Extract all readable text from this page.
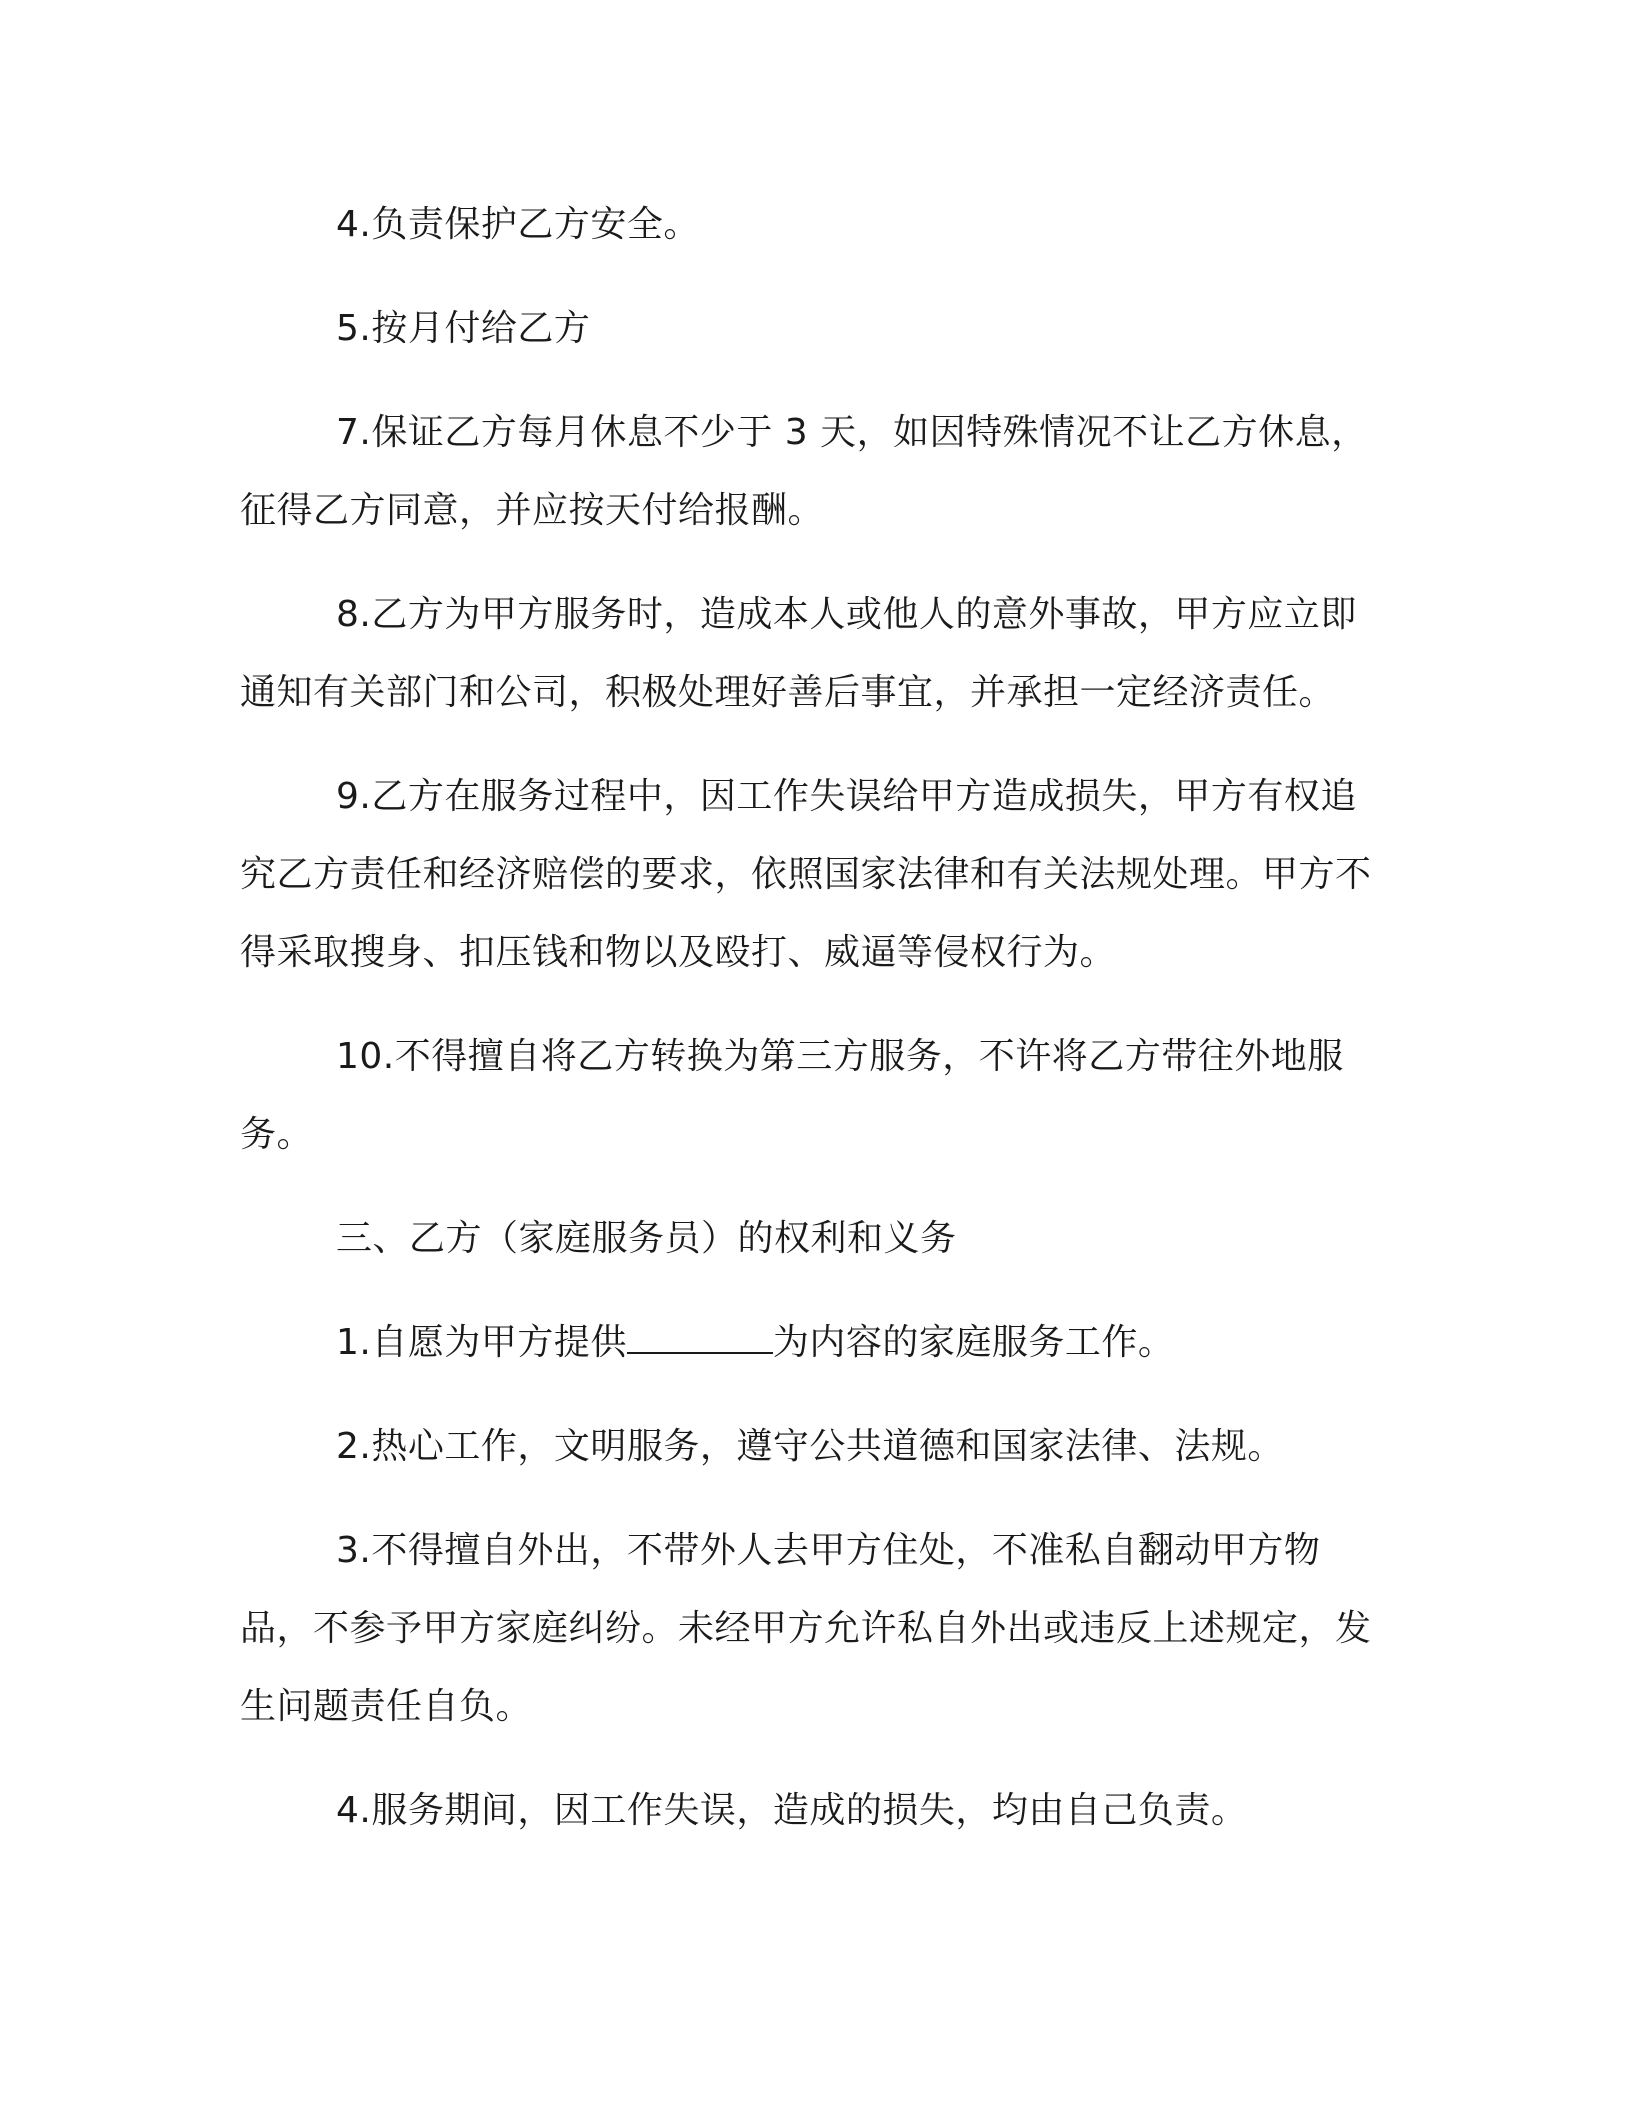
4.负责保护乙方安全。

5.按月付给乙方

7.保证乙方每月休息不少于 3 天，如因特殊情况不让乙方休息，征得乙方同意，并应按天付给报酬。

8.乙方为甲方服务时，造成本人或他人的意外事故，甲方应立即通知有关部门和公司，积极处理好善后事宜，并承担一定经济责任。

9.乙方在服务过程中，因工作失误给甲方造成损失，甲方有权追究乙方责任和经济赔偿的要求，依照国家法律和有关法规处理。甲方不得采取搜身、扣压钱和物以及殴打、威逼等侵权行为。

10.不得擅自将乙方转换为第三方服务，不许将乙方带往外地服务。

三、乙方（家庭服务员）的权利和义务

1.自愿为甲方提供	为内容的家庭服务工作。

2.热心工作，文明服务，遵守公共道德和国家法律、法规。

3.不得擅自外出，不带外人去甲方住处，不准私自翻动甲方物品，不参予甲方家庭纠纷。未经甲方允许私自外出或违反上述规定，发生问题责任自负。

4.服务期间，因工作失误，造成的损失，均由自己负责。
